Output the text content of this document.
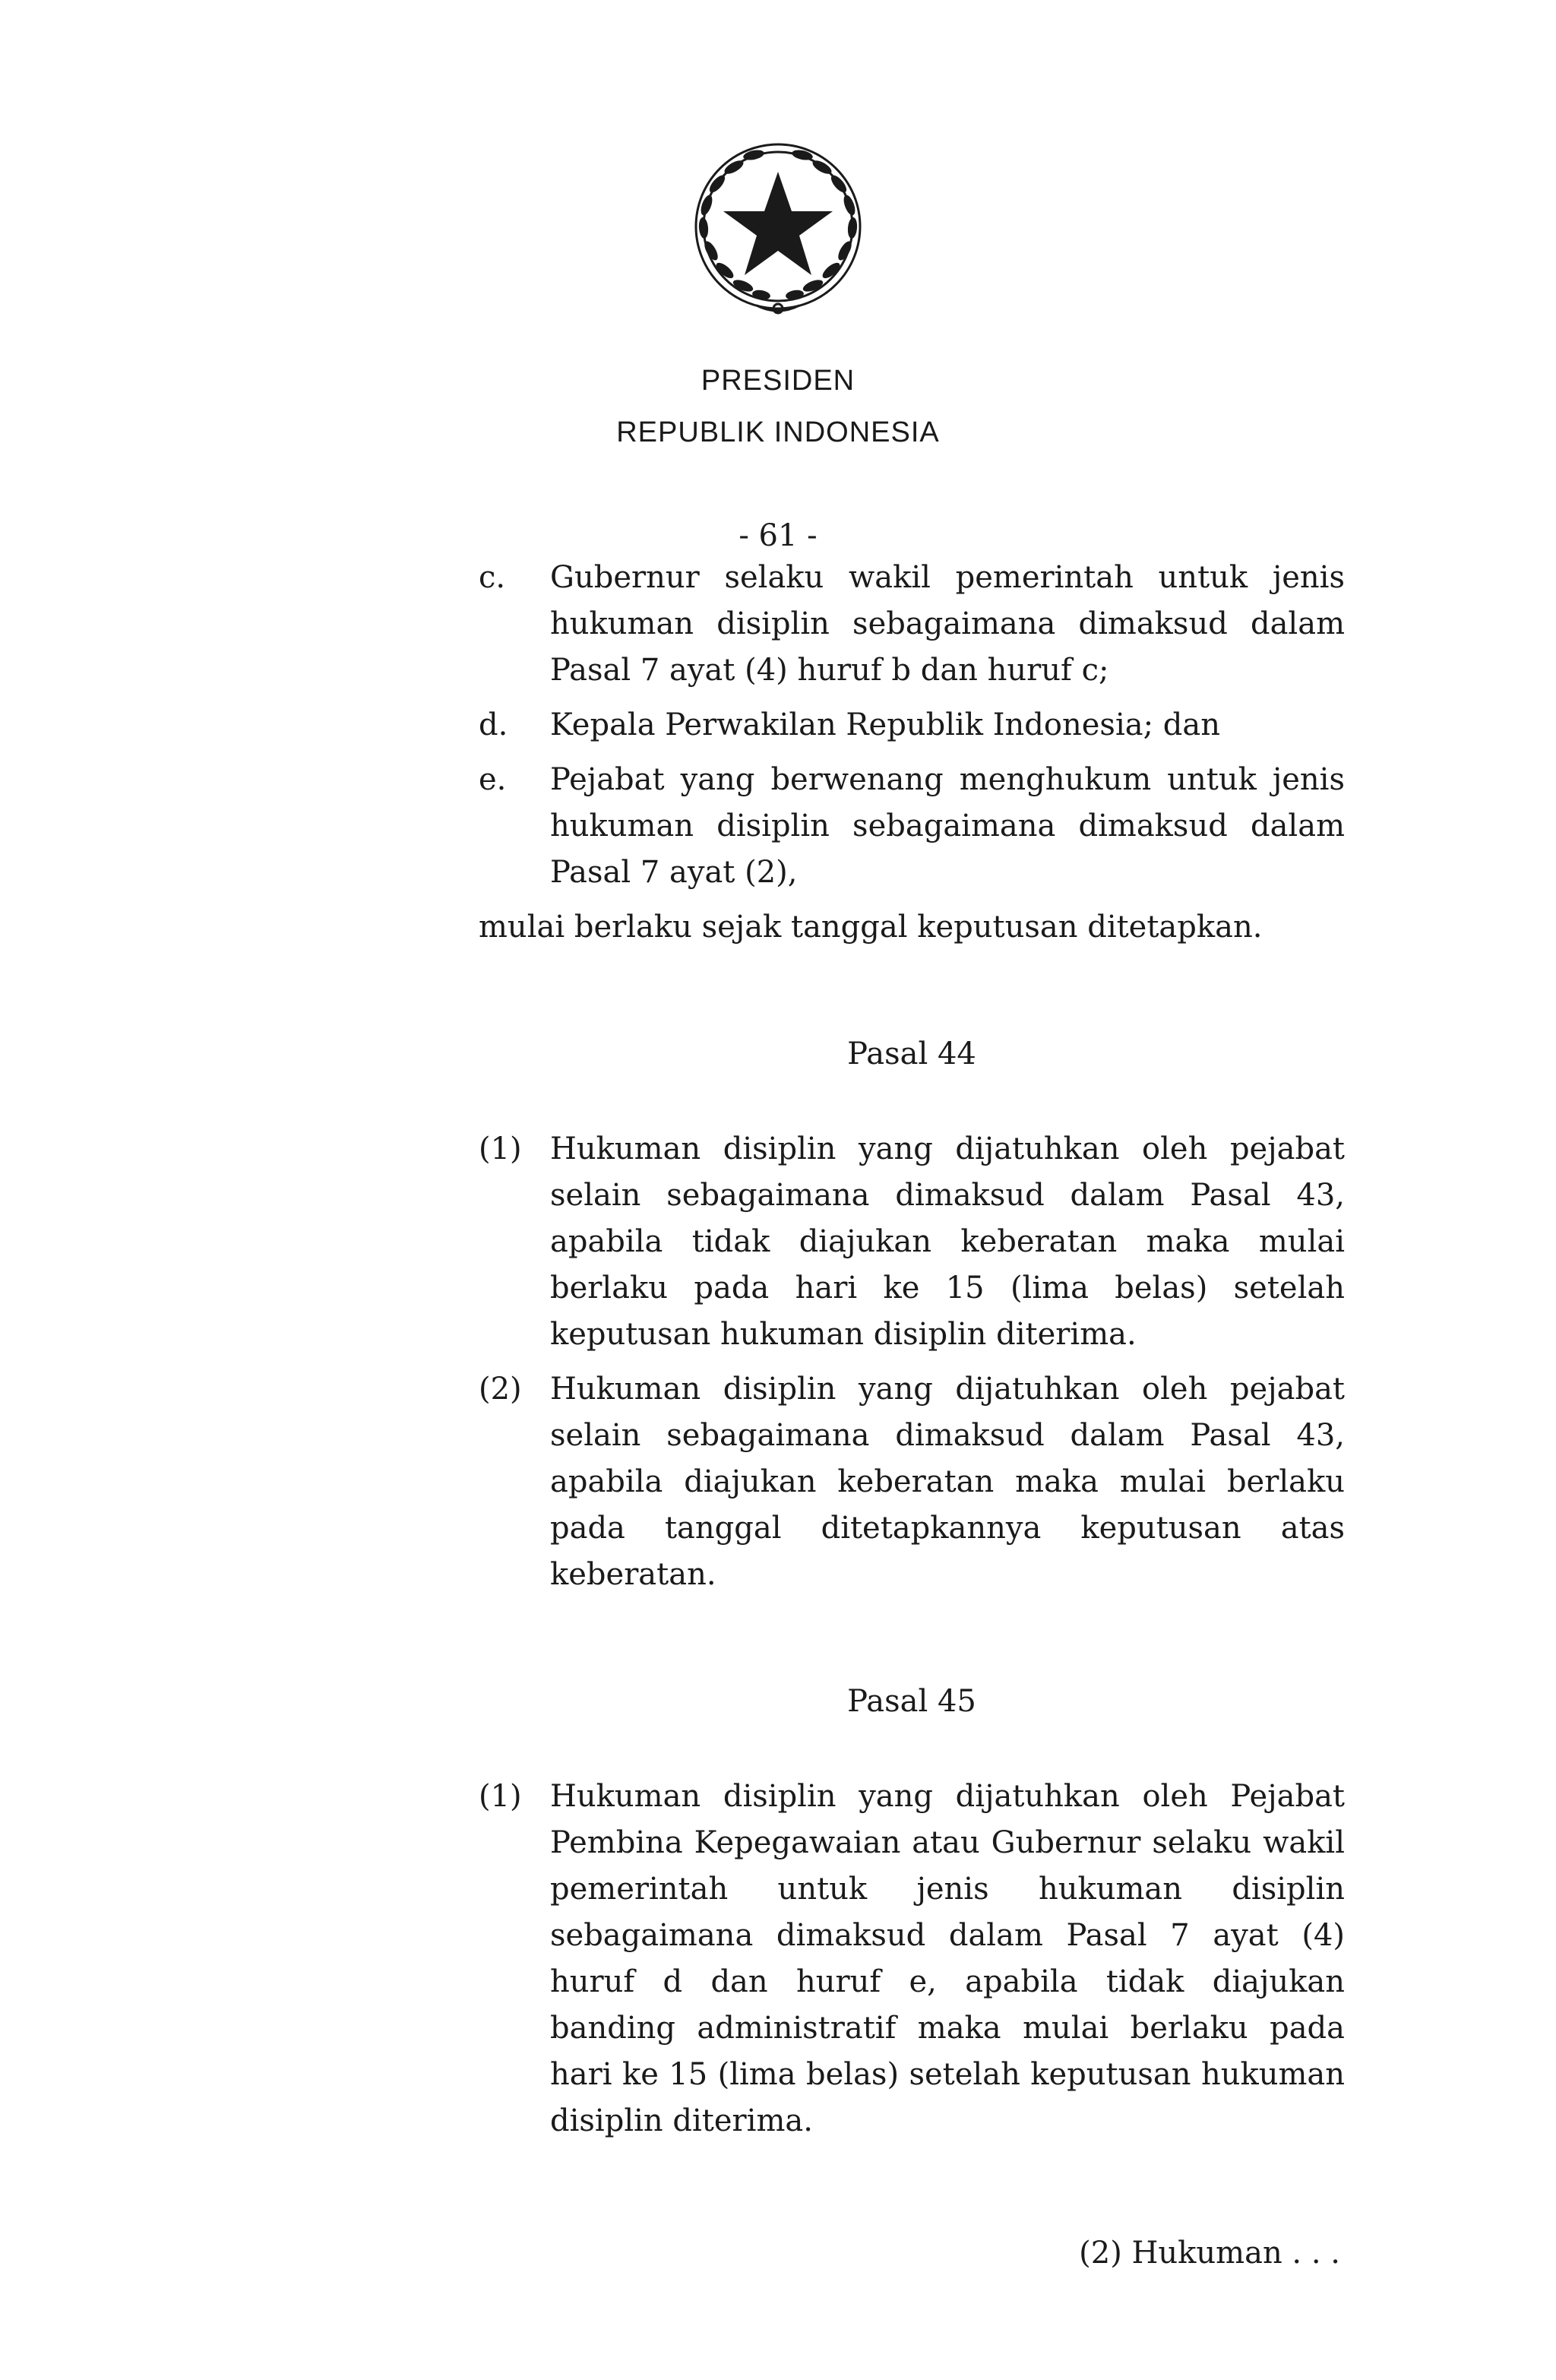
PRESIDEN
REPUBLIK INDONESIA
- 61 -
c.	Gubernur selaku wakil pemerintah untuk jenis hukuman disiplin sebagaimana dimaksud dalam Pasal 7 ayat (4) huruf b dan huruf c;
d.	Kepala Perwakilan Republik Indonesia; dan
e.	Pejabat yang berwenang menghukum untuk jenis hukuman disiplin sebagaimana dimaksud dalam Pasal 7 ayat (2),
mulai berlaku sejak tanggal keputusan ditetapkan.
Pasal 44
(1) Hukuman disiplin yang dijatuhkan oleh pejabat selain sebagaimana dimaksud dalam Pasal 43, apabila tidak diajukan keberatan maka mulai berlaku pada hari ke 15 (lima belas) setelah keputusan hukuman disiplin diterima.
(2) Hukuman disiplin yang dijatuhkan oleh pejabat selain sebagaimana dimaksud dalam Pasal 43, apabila diajukan keberatan maka mulai berlaku pada tanggal ditetapkannya keputusan atas keberatan.
Pasal 45
(1) Hukuman disiplin yang dijatuhkan oleh Pejabat Pembina Kepegawaian atau Gubernur selaku wakil pemerintah untuk jenis hukuman disiplin sebagaimana dimaksud dalam Pasal 7 ayat (4) huruf d dan huruf e, apabila tidak diajukan banding administratif maka mulai berlaku pada hari ke 15 (lima belas) setelah keputusan hukuman disiplin diterima.
(2) Hukuman . . .
